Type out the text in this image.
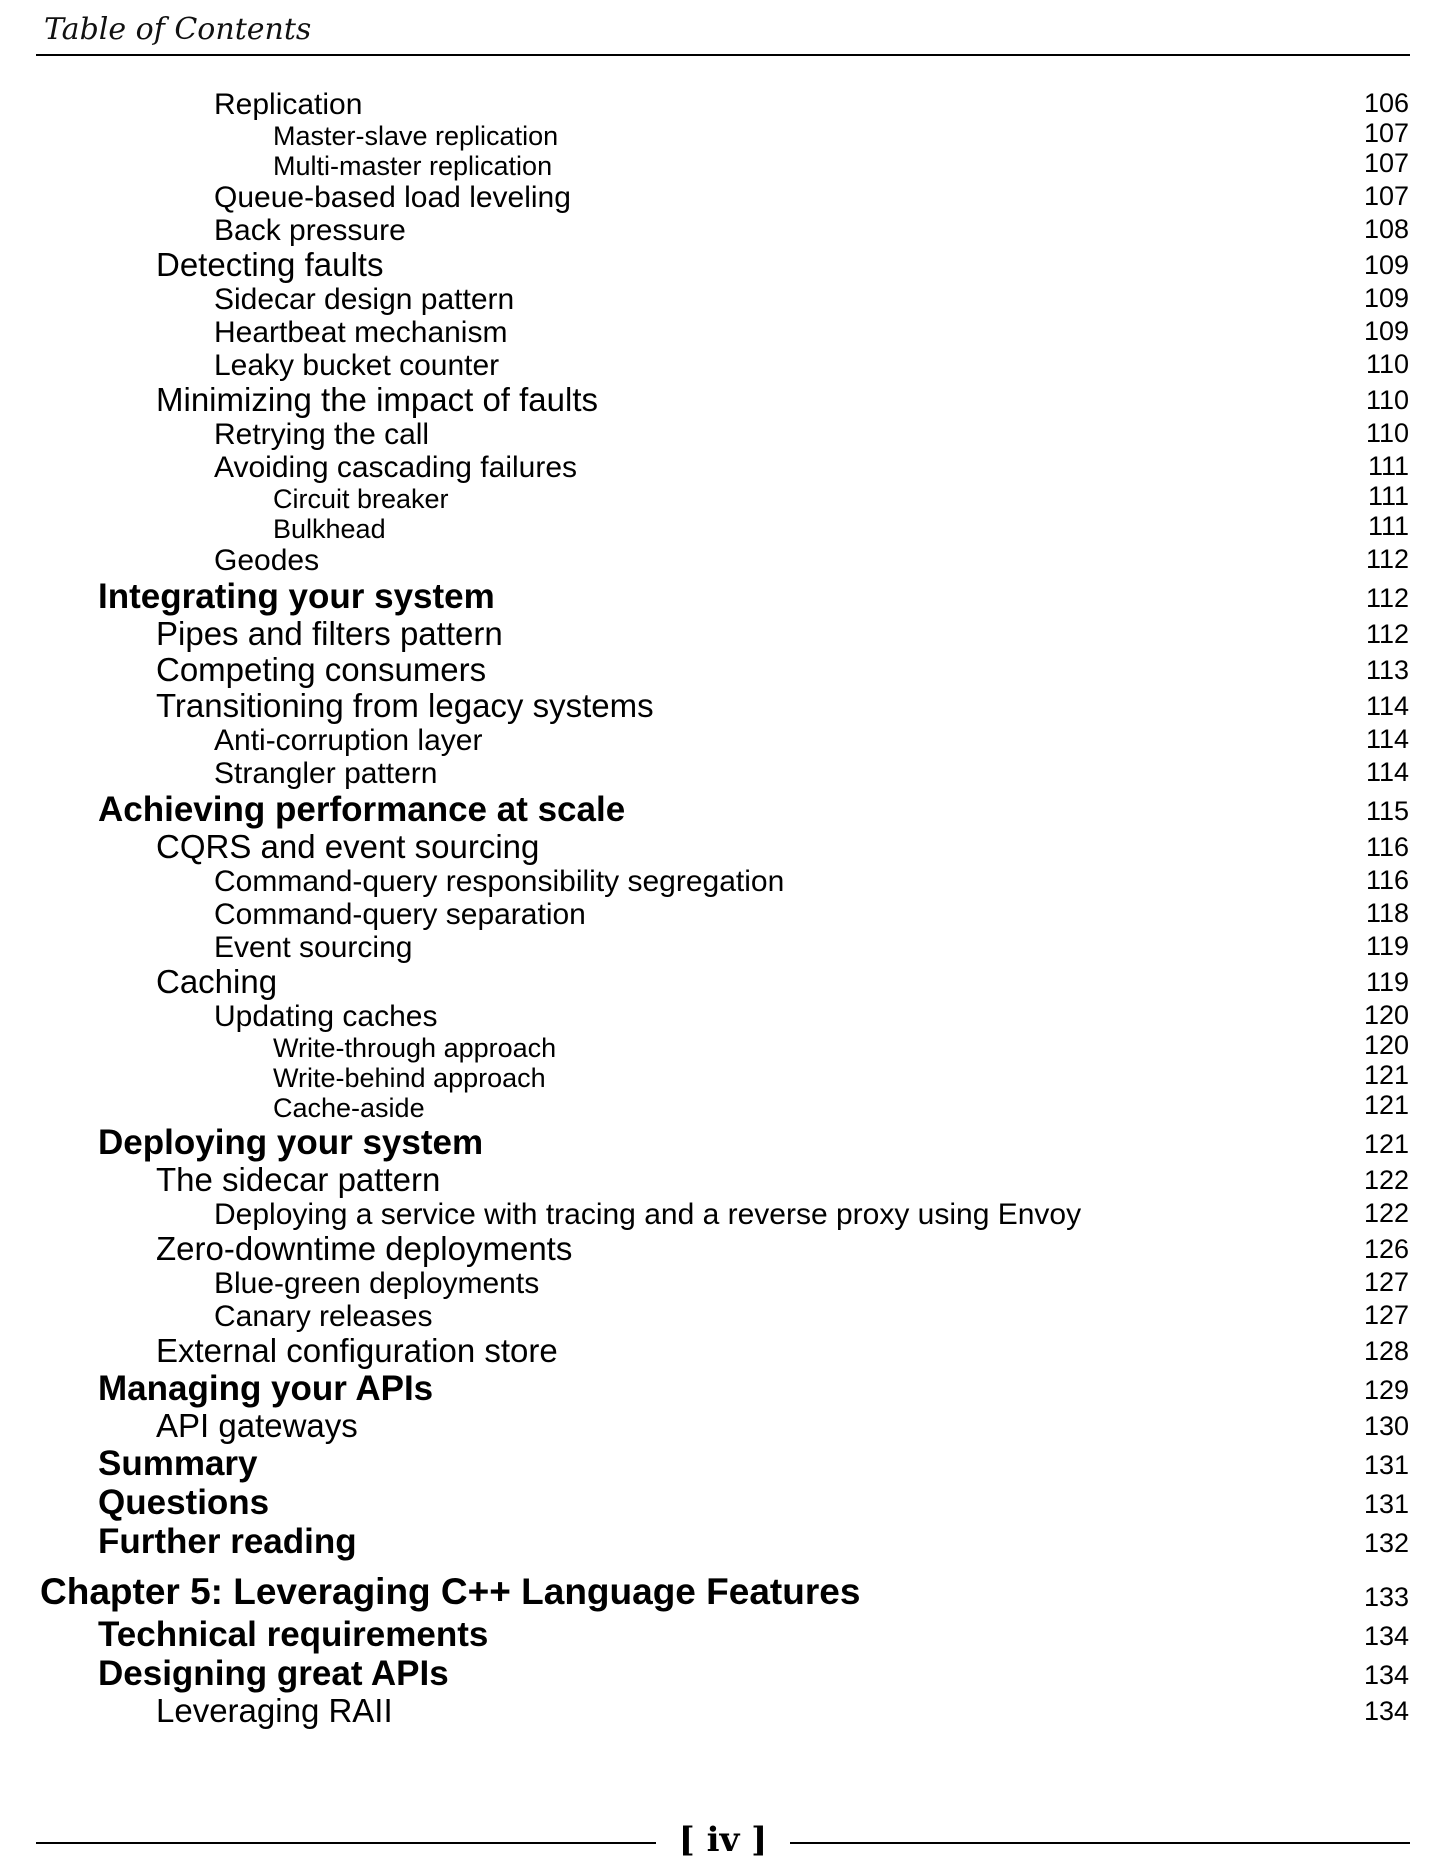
Table of Contents
Replication	106
Master-slave replication	107
Multi-master replication	107
Queue-based load leveling	107
Back pressure	108
Detecting faults	109
Sidecar design pattern	109
Heartbeat mechanism	109
Leaky bucket counter	110
Minimizing the impact of faults	110
Retrying the call	110
Avoiding cascading failures	111
Circuit breaker	111
Bulkhead	111
Geodes	112
Integrating your system	112
Pipes and filters pattern	112
Competing consumers	113
Transitioning from legacy systems	114
Anti-corruption layer	114
Strangler pattern	114
Achieving performance at scale	115
CQRS and event sourcing	116
Command-query responsibility segregation	116
Command-query separation	118
Event sourcing	119
Caching	119
Updating caches	120
Write-through approach	120
Write-behind approach	121
Cache-aside	121
Deploying your system	121
The sidecar pattern	122
Deploying a service with tracing and a reverse proxy using Envoy	122
Zero-downtime deployments	126
Blue-green deployments	127
Canary releases	127
External configuration store	128
Managing your APIs	129
API gateways	130
Summary	131
Questions	131
Further reading	132
Chapter 5: Leveraging C++ Language Features	133
Technical requirements	134
Designing great APIs	134
Leveraging RAII	134
[ iv ]
